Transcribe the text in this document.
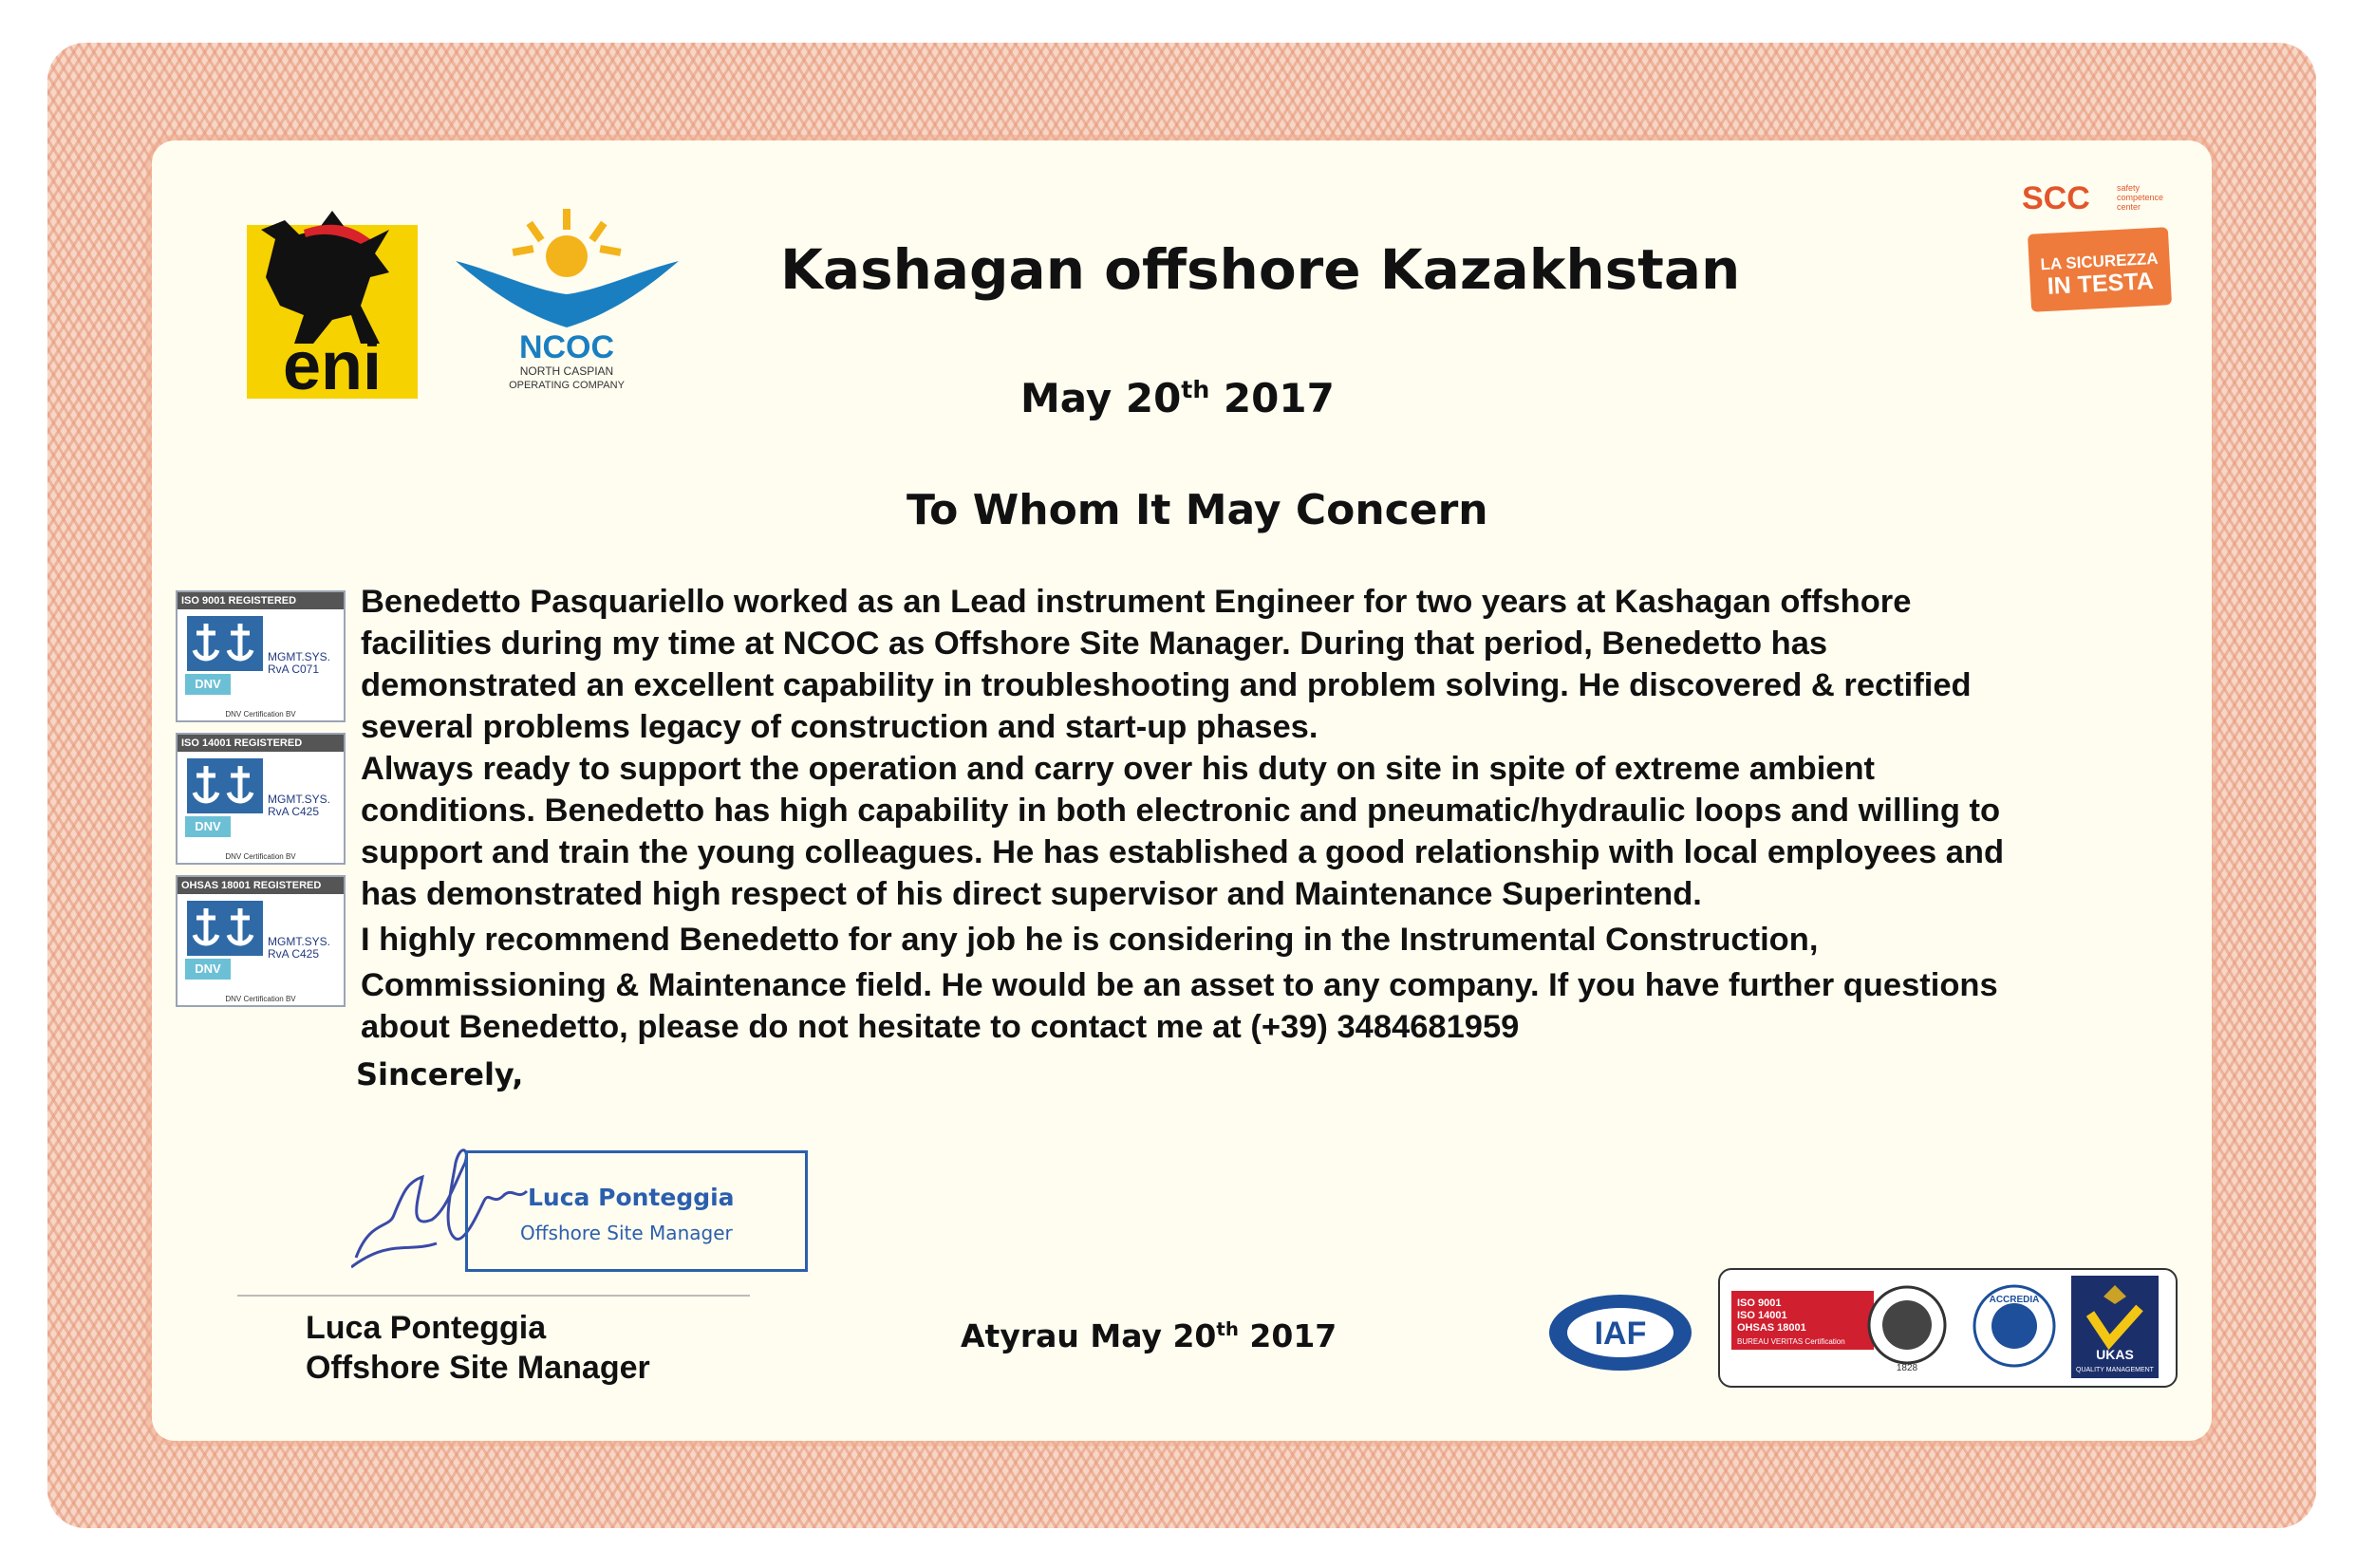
eni	NCOC
NORTH CASPIAN
OPERATING COMPANY
SCC	safety
competence
center
LA SICUREZZA
IN TESTA
Kashagan offshore Kazakhstan
May 20th 2017
To Whom It May Concern
ISO 9001 REGISTERED
MGMT.SYS.
RvA C071
DNV
DNV Certification BV
ISO 14001 REGISTERED
MGMT.SYS.
RvA C425
DNV
DNV Certification BV
OHSAS 18001 REGISTERED
MGMT.SYS.
RvA C425
DNV
DNV Certification BV

Benedetto Pasquariello worked as an Lead instrument Engineer for two years at Kashagan offshore

facilities during my time at NCOC as Offshore Site Manager. During that period, Benedetto has

demonstrated an excellent capability in troubleshooting and problem solving. He discovered & rectified

several problems legacy of construction and start-up phases.

Always ready to support the operation and carry over his duty on site in spite of extreme ambient

conditions. Benedetto has high capability in both electronic and pneumatic/hydraulic loops and willing to

support and train the young colleagues. He has established a good relationship with local employees and

has demonstrated high respect of his direct supervisor and Maintenance Superintend.

I highly recommend Benedetto for any job he is considering in the Instrumental Construction,

Commissioning & Maintenance field. He would be an asset to any company. If you have further questions

about Benedetto, please do not hesitate to contact me at (+39) 3484681959

Sincerely,
Luca Ponteggia
Offshore Site Manager
Luca Ponteggia
Offshore Site Manager
Atyrau May 20th 2017	IAF
ISO 9001
ISO 14001
OHSAS 18001
BUREAU VERITAS Certification
1828
ACCREDIA
UKAS
QUALITY MANAGEMENT
